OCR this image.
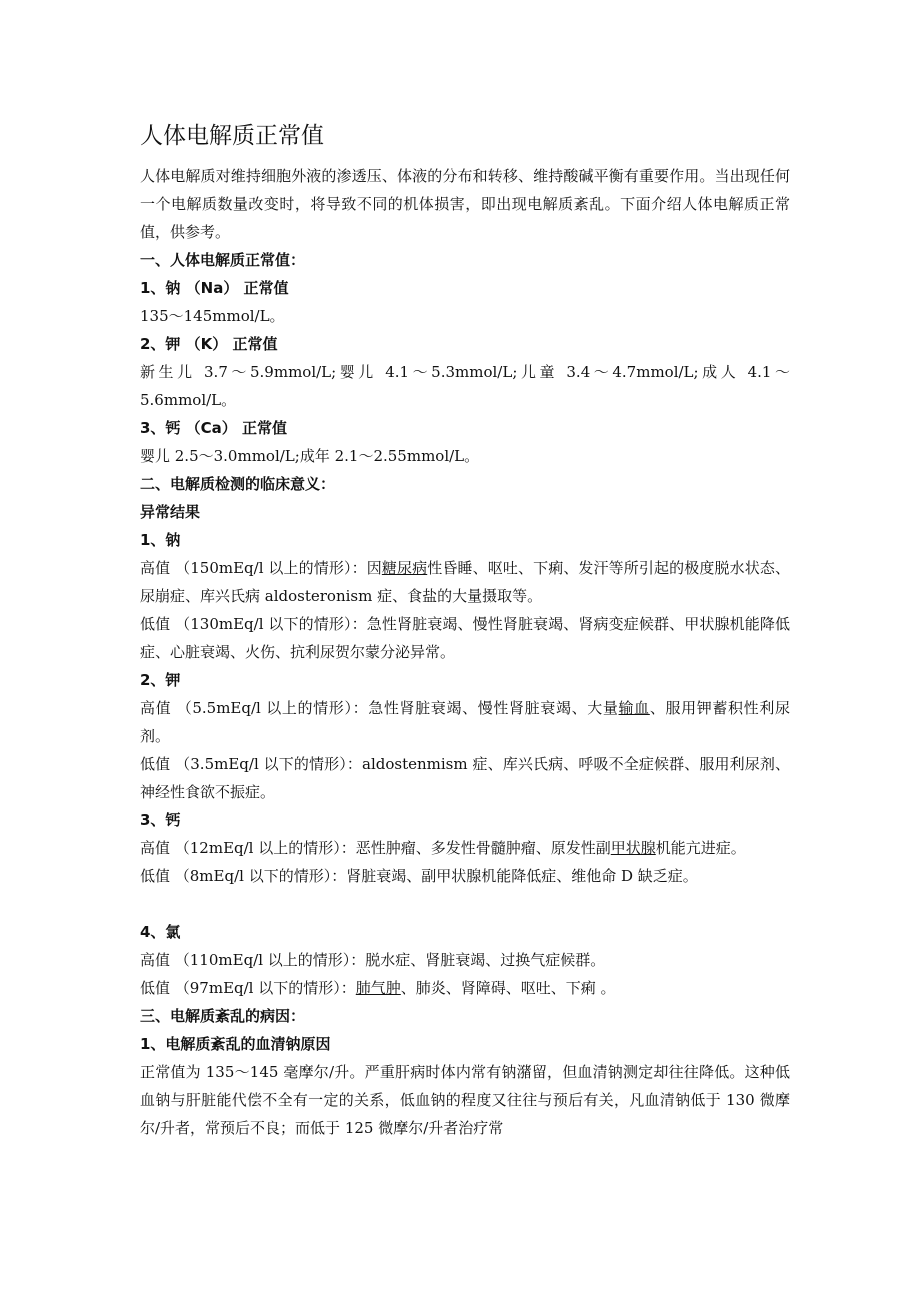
人体电解质正常值

人体电解质对维持细胞外液的渗透压、体液的分布和转移、维持酸碱平衡有重要作用。当出现任何一个电解质数量改变时，将导致不同的机体损害，即出现电解质紊乱。下面介绍人体电解质正常值，供参考。

一、人体电解质正常值：

1、钠 （Na） 正常值

135～145mmol/L。

2、钾 （K） 正常值

新生儿 3.7～5.9mmol/L;婴儿 4.1～5.3mmol/L;儿童 3.4～4.7mmol/L;成人 4.1～5.6mmol/L。

3、钙 （Ca） 正常值

婴儿 2.5～3.0mmol/L;成年 2.1～2.55mmol/L。

二、电解质检测的临床意义：

异常结果

1、钠

高值 （150mEq/l 以上的情形）：因糖尿病性昏睡、呕吐、下痢、发汗等所引起的极度脱水状态、尿崩症、库兴氏病 aldosteronism 症、食盐的大量摄取等。

低值 （130mEq/l 以下的情形）：急性肾脏衰竭、慢性肾脏衰竭、肾病变症候群、甲状腺机能降低症、心脏衰竭、火伤、抗利尿贺尔蒙分泌异常。

2、钾

高值 （5.5mEq/l 以上的情形）：急性肾脏衰竭、慢性肾脏衰竭、大量输血、服用钾蓄积性利尿剂。

低值 （3.5mEq/l 以下的情形）：aldostenmism 症、库兴氏病、呼吸不全症候群、服用利尿剂、神经性食欲不振症。

3、钙

高值 （12mEq/l 以上的情形）：恶性肿瘤、多发性骨髓肿瘤、原发性副甲状腺机能亢进症。

低值 （8mEq/l 以下的情形）：肾脏衰竭、副甲状腺机能降低症、维他命 D 缺乏症。

4、氯

高值 （110mEq/l 以上的情形）：脱水症、肾脏衰竭、过换气症候群。

低值 （97mEq/l 以下的情形）：肺气肿、肺炎、肾障碍、呕吐、下痢 。

三、电解质紊乱的病因：

1、电解质紊乱的血清钠原因

正常值为 135～145 毫摩尔/升。严重肝病时体内常有钠潴留，但血清钠测定却往往降低。这种低血钠与肝脏能代偿不全有一定的关系，低血钠的程度又往往与预后有关，凡血清钠低于 130 微摩尔/升者，常预后不良；而低于 125 微摩尔/升者治疗常
